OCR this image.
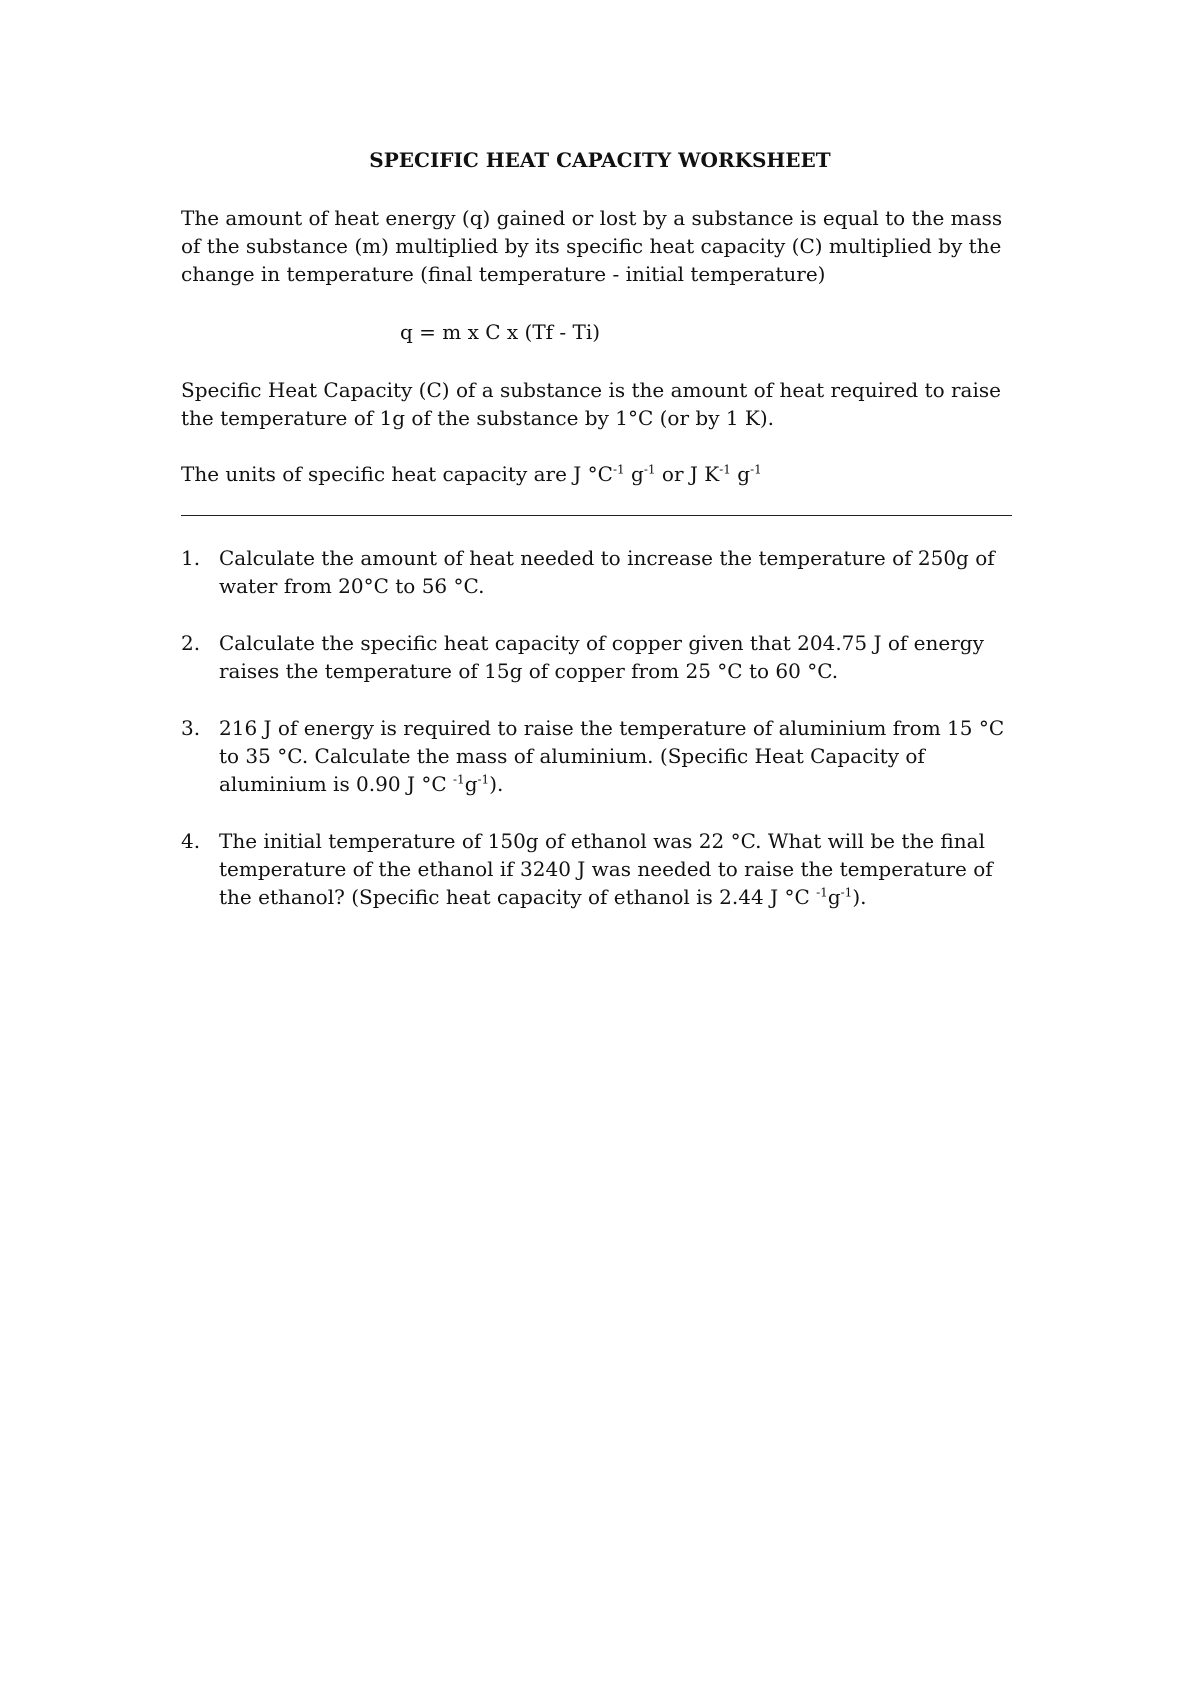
SPECIFIC HEAT CAPACITY WORKSHEET
The amount of heat energy (q) gained or lost by a substance is equal to the mass
of the substance (m) multiplied by its specific heat capacity (C) multiplied by the
change in temperature (final temperature - initial temperature)
q = m x C x (Tf - Ti)
Specific Heat Capacity (C) of a substance is the amount of heat required to raise
the temperature of 1g of the substance by 1°C (or by 1 K).
The units of specific heat capacity are J $^\circ C^{-1}$ $g^{-1}$ or J $K^{-1}$ $g^{-1}$
1. Calculate the amount of heat needed to increase the temperature of 250g of
water from 20°C to 56 °C.
2. Calculate the specific heat capacity of copper given that 204.75 J of energy
raises the temperature of 15g of copper from 25 °C to 60 °C.
3. 216 J of energy is required to raise the temperature of aluminium from 15 °C
to 35 °C. Calculate the mass of aluminium. (Specific Heat Capacity of
aluminium is 0.90 J °C $^{-1}g^{-1}$).
4. The initial temperature of 150g of ethanol was 22 °C. What will be the final
temperature of the ethanol if 3240 J was needed to raise the temperature of
the ethanol? (Specific heat capacity of ethanol is 2.44 J °C $^{-1}g^{-1}$).
